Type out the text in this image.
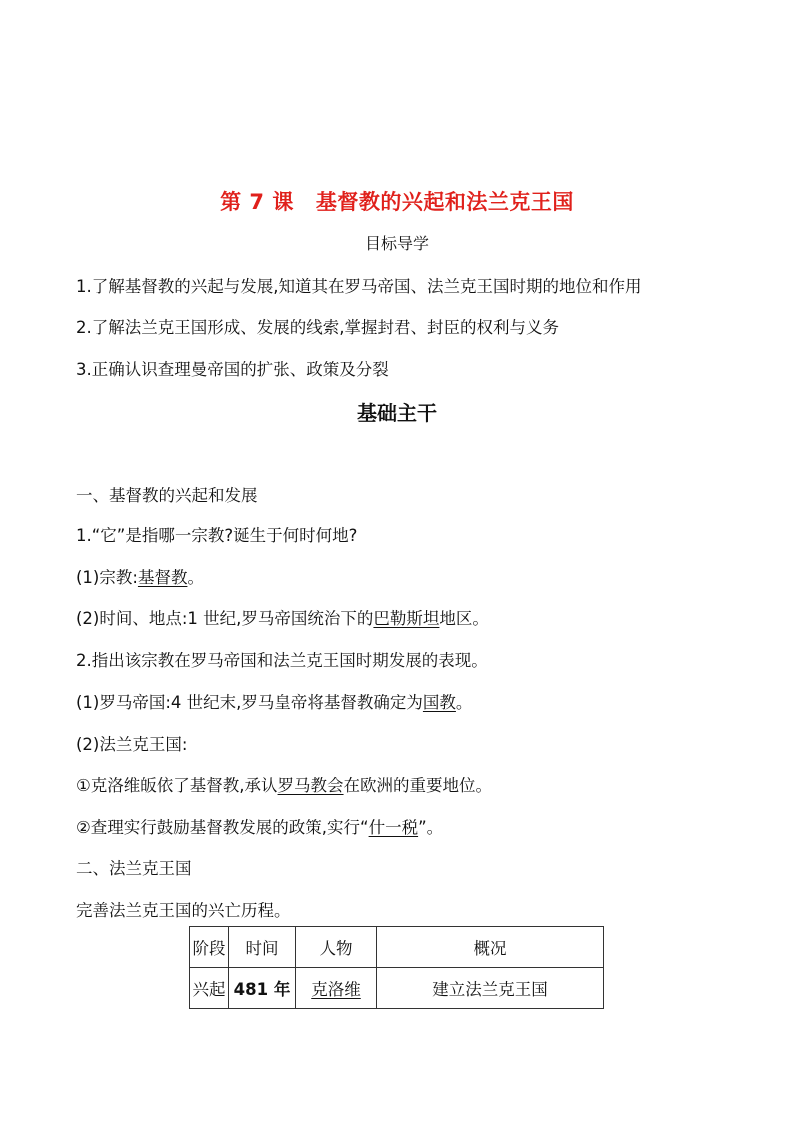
第 7 课 基督教的兴起和法兰克王国
目标导学
1.了解基督教的兴起与发展,知道其在罗马帝国、法兰克王国时期的地位和作用
2.了解法兰克王国形成、发展的线索,掌握封君、封臣的权利与义务
3.正确认识查理曼帝国的扩张、政策及分裂
基础主干
一、基督教的兴起和发展
1.“它”是指哪一宗教?诞生于何时何地?
(1)宗教:基督教。
(2)时间、地点:1 世纪,罗马帝国统治下的巴勒斯坦地区。
2.指出该宗教在罗马帝国和法兰克王国时期发展的表现。
(1)罗马帝国:4 世纪末,罗马皇帝将基督教确定为国教。
(2)法兰克王国:
①克洛维皈依了基督教,承认罗马教会在欧洲的重要地位。
②查理实行鼓励基督教发展的政策,实行“什一税”。
二、法兰克王国
完善法兰克王国的兴亡历程。
阶段	时间	人物	概况
兴起	481 年	克洛维	建立法兰克王国
